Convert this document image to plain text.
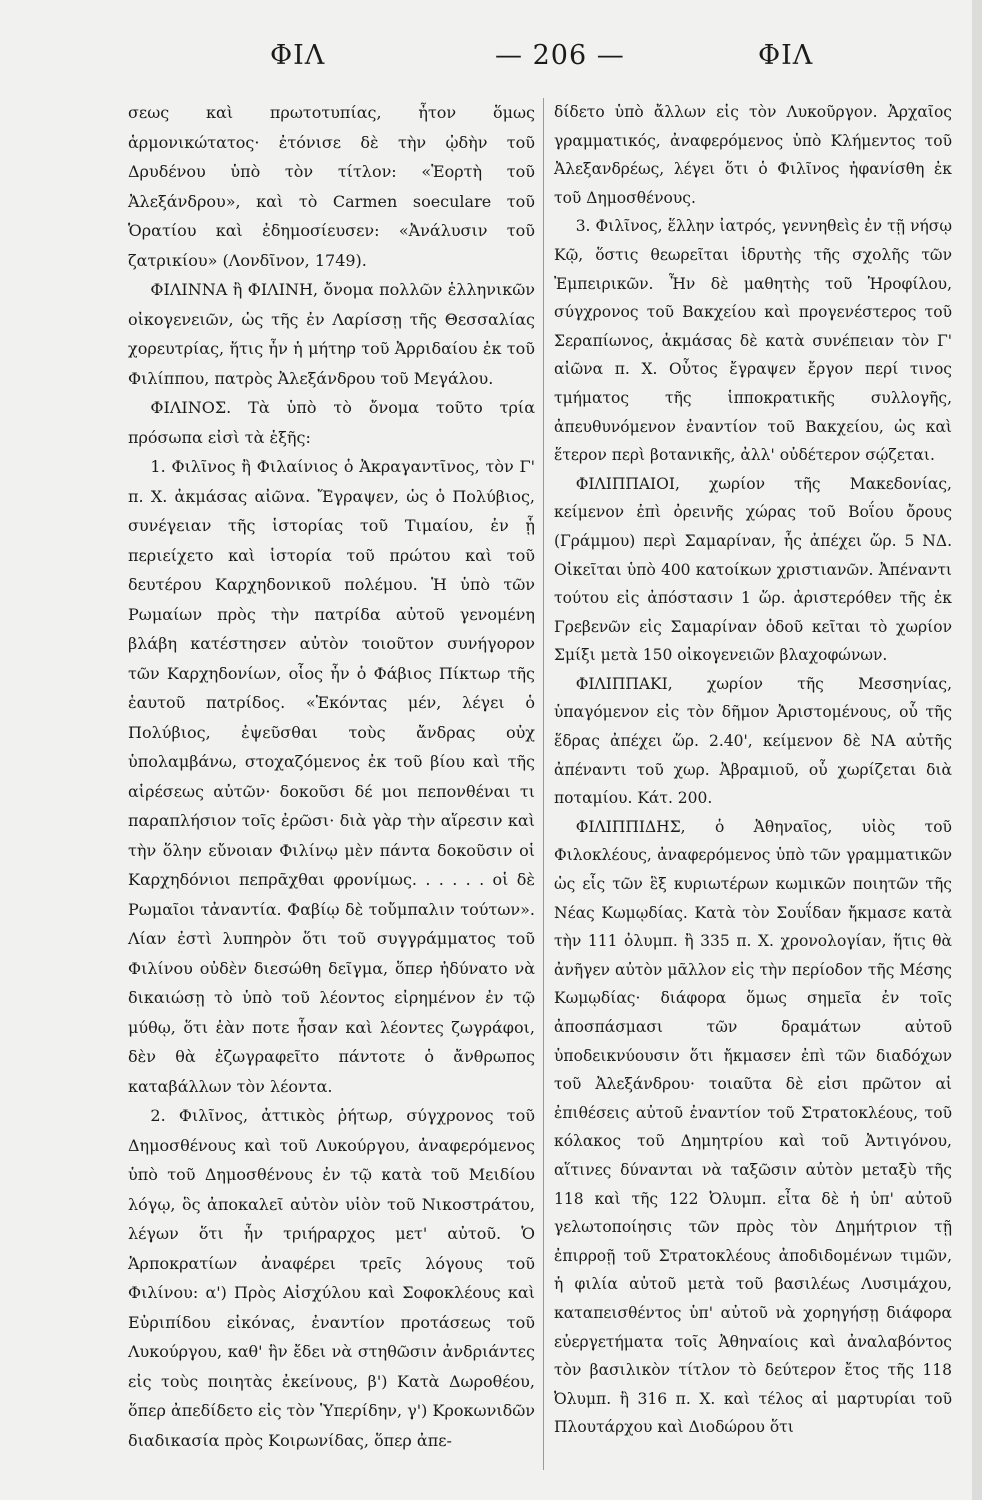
ΦΙΛ	— 206 —	ΦΙΛ

σεως καὶ πρωτοτυπίας, ἦτον ὅμως ἁρμονικώτατος· ἐτόνισε δὲ τὴν ᾠδὴν τοῦ Δρυδένου ὑπὸ τὸν τίτλον: «Ἑορτὴ τοῦ Ἀλεξάνδρου», καὶ τὸ Carmen soeculare τοῦ Ὁρατίου καὶ ἐδημοσίευσεν: «Ἀνάλυσιν τοῦ ζατρικίου» (Λονδῖνον, 1749).

ΦΙΛΙΝΝΑ ἢ ΦΙΛΙΝΗ, ὄνομα πολλῶν ἑλληνικῶν οἰκογενειῶν, ὡς τῆς ἐν Λαρίσσῃ τῆς Θεσσαλίας χορευτρίας, ἥτις ἦν ἡ μήτηρ τοῦ Ἀρριδαίου ἐκ τοῦ Φιλίππου, πατρὸς Ἀλεξάνδρου τοῦ Μεγάλου.

ΦΙΛΙΝΟΣ. Τὰ ὑπὸ τὸ ὄνομα τοῦτο τρία πρόσωπα εἰσὶ τὰ ἑξῆς:

1. Φιλῖνος ἢ Φιλαίνιος ὁ Ἀκραγαντῖνος, τὸν Γ' π. Χ. ἀκμάσας αἰῶνα. Ἔγραψεν, ὡς ὁ Πολύβιος, συνέγειαν τῆς ἱστορίας τοῦ Τιμαίου, ἐν ᾗ περιείχετο καὶ ἱστορία τοῦ πρώτου καὶ τοῦ δευτέρου Καρχηδονικοῦ πολέμου. Ἡ ὑπὸ τῶν Ρωμαίων πρὸς τὴν πατρίδα αὐτοῦ γενομένη βλάβη κατέστησεν αὐτὸν τοιοῦτον συνήγορον τῶν Καρχηδονίων, οἷος ἦν ὁ Φάβιος Πίκτωρ τῆς ἑαυτοῦ πατρίδος. «Ἑκόντας μέν, λέγει ὁ Πολύβιος, ἐψεῦσθαι τοὺς ἄνδρας οὐχ ὑπολαμβάνω, στοχαζόμενος ἐκ τοῦ βίου καὶ τῆς αἱρέσεως αὐτῶν· δοκοῦσι δέ μοι πεπονθέναι τι παραπλήσιον τοῖς ἐρῶσι· διὰ γὰρ τὴν αἵρεσιν καὶ τὴν ὅλην εὔνοιαν Φιλίνῳ μὲν πάντα δοκοῦσιν οἱ Καρχηδόνιοι πεπρᾶχθαι φρονίμως. . . . . . οἱ δὲ Ρωμαῖοι τἀναντία. Φαβίῳ δὲ τοὔμπαλιν τούτων». Λίαν ἐστὶ λυπηρὸν ὅτι τοῦ συγγράμματος τοῦ Φιλίνου οὐδὲν διεσώθη δεῖγμα, ὅπερ ἠδύνατο νὰ δικαιώσῃ τὸ ὑπὸ τοῦ λέοντος εἰρημένον ἐν τῷ μύθῳ, ὅτι ἐὰν ποτε ἦσαν καὶ λέοντες ζωγράφοι, δὲν θὰ ἐζωγραφεῖτο πάντοτε ὁ ἄνθρωπος καταβάλλων τὸν λέοντα.

2. Φιλῖνος, ἀττικὸς ῥήτωρ, σύγχρονος τοῦ Δημοσθένους καὶ τοῦ Λυκούργου, ἀναφερόμενος ὑπὸ τοῦ Δημοσθένους ἐν τῷ κατὰ τοῦ Μειδίου λόγῳ, ὃς ἀποκαλεῖ αὐτὸν υἱὸν τοῦ Νικοστράτου, λέγων ὅτι ἦν τριήραρχος μετ' αὐτοῦ. Ὁ Ἁρποκρατίων ἀναφέρει τρεῖς λόγους τοῦ Φιλίνου: α') Πρὸς Αἰσχύλου καὶ Σοφοκλέους καὶ Εὐριπίδου εἰκόνας, ἐναντίον προτάσεως τοῦ Λυκούργου, καθ' ἣν ἔδει νὰ στηθῶσιν ἀνδριάντες εἰς τοὺς ποιητὰς ἐκείνους, β') Κατὰ Δωροθέου, ὅπερ ἀπεδίδετο εἰς τὸν Ὑπερίδην, γ') Κροκωνιδῶν διαδικασία πρὸς Κοιρωνίδας, ὅπερ ἀπε-

δίδετο ὑπὸ ἄλλων εἰς τὸν Λυκοῦργον. Ἀρχαῖος γραμματικός, ἀναφερόμενος ὑπὸ Κλήμεντος τοῦ Ἀλεξανδρέως, λέγει ὅτι ὁ Φιλῖνος ἠφανίσθη ἐκ τοῦ Δημοσθένους.

3. Φιλῖνος, ἕλλην ἰατρός, γεννηθεὶς ἐν τῇ νήσῳ Κῷ, ὅστις θεωρεῖται ἱδρυτὴς τῆς σχολῆς τῶν Ἐμπειρικῶν. Ἦν δὲ μαθητὴς τοῦ Ἡροφίλου, σύγχρονος τοῦ Βακχείου καὶ προγενέστερος τοῦ Σεραπίωνος, ἀκμάσας δὲ κατὰ συνέπειαν τὸν Γ' αἰῶνα π. Χ. Οὗτος ἔγραψεν ἔργον περί τινος τμήματος τῆς ἱπποκρατικῆς συλλογῆς, ἀπευθυνόμενον ἐναντίον τοῦ Βακχείου, ὡς καὶ ἕτερον περὶ βοτανικῆς, ἀλλ' οὐδέτερον σῴζεται.

ΦΙΛΙΠΠΑΙΟΙ, χωρίον τῆς Μακεδονίας, κείμενον ἐπὶ ὀρεινῆς χώρας τοῦ Βοΐου ὄρους (Γράμμου) περὶ Σαμαρίναν, ἧς ἀπέχει ὥρ. 5 ΝΔ. Οἰκεῖται ὑπὸ 400 κατοίκων χριστιανῶν. Ἀπέναντι τούτου εἰς ἀπόστασιν 1 ὥρ. ἀριστερόθεν τῆς ἐκ Γρεβενῶν εἰς Σαμαρίναν ὁδοῦ κεῖται τὸ χωρίον Σμίξι μετὰ 150 οἰκογενειῶν βλαχοφώνων.

ΦΙΛΙΠΠΑΚΙ, χωρίον τῆς Μεσσηνίας, ὑπαγόμενον εἰς τὸν δῆμον Ἀριστομένους, οὗ τῆς ἕδρας ἀπέχει ὥρ. 2.40', κείμενον δὲ ΝΑ αὐτῆς ἀπέναντι τοῦ χωρ. Ἀβραμιοῦ, οὗ χωρίζεται διὰ ποταμίου. Κάτ. 200.

ΦΙΛΙΠΠΙΔΗΣ, ὁ Ἀθηναῖος, υἱὸς τοῦ Φιλοκλέους, ἀναφερόμενος ὑπὸ τῶν γραμματικῶν ὡς εἷς τῶν ἓξ κυριωτέρων κωμικῶν ποιητῶν τῆς Νέας Κωμῳδίας. Κατὰ τὸν Σουΐδαν ἤκμασε κατὰ τὴν 111 ὀλυμπ. ἢ 335 π. Χ. χρονολογίαν, ἥτις θὰ ἀνῆγεν αὐτὸν μᾶλλον εἰς τὴν περίοδον τῆς Μέσης Κωμῳδίας· διάφορα ὅμως σημεῖα ἐν τοῖς ἀποσπάσμασι τῶν δραμάτων αὐτοῦ ὑποδεικνύουσιν ὅτι ἤκμασεν ἐπὶ τῶν διαδόχων τοῦ Ἀλεξάνδρου· τοιαῦτα δὲ εἰσι πρῶτον αἱ ἐπιθέσεις αὐτοῦ ἐναντίον τοῦ Στρατοκλέους, τοῦ κόλακος τοῦ Δημητρίου καὶ τοῦ Ἀντιγόνου, αἵτινες δύνανται νὰ ταξῶσιν αὐτὸν μεταξὺ τῆς 118 καὶ τῆς 122 Ὀλυμπ. εἶτα δὲ ἡ ὑπ' αὐτοῦ γελωτοποίησις τῶν πρὸς τὸν Δημήτριον τῇ ἐπιρροῇ τοῦ Στρατοκλέους ἀποδιδομένων τιμῶν, ἡ φιλία αὐτοῦ μετὰ τοῦ βασιλέως Λυσιμάχου, καταπεισθέντος ὑπ' αὐτοῦ νὰ χορηγήσῃ διάφορα εὐεργετήματα τοῖς Ἀθηναίοις καὶ ἀναλαβόντος τὸν βασιλικὸν τίτλον τὸ δεύτερον ἔτος τῆς 118 Ὀλυμπ. ἢ 316 π. Χ. καὶ τέλος αἱ μαρτυρίαι τοῦ Πλουτάρχου καὶ Διοδώρου ὅτι
